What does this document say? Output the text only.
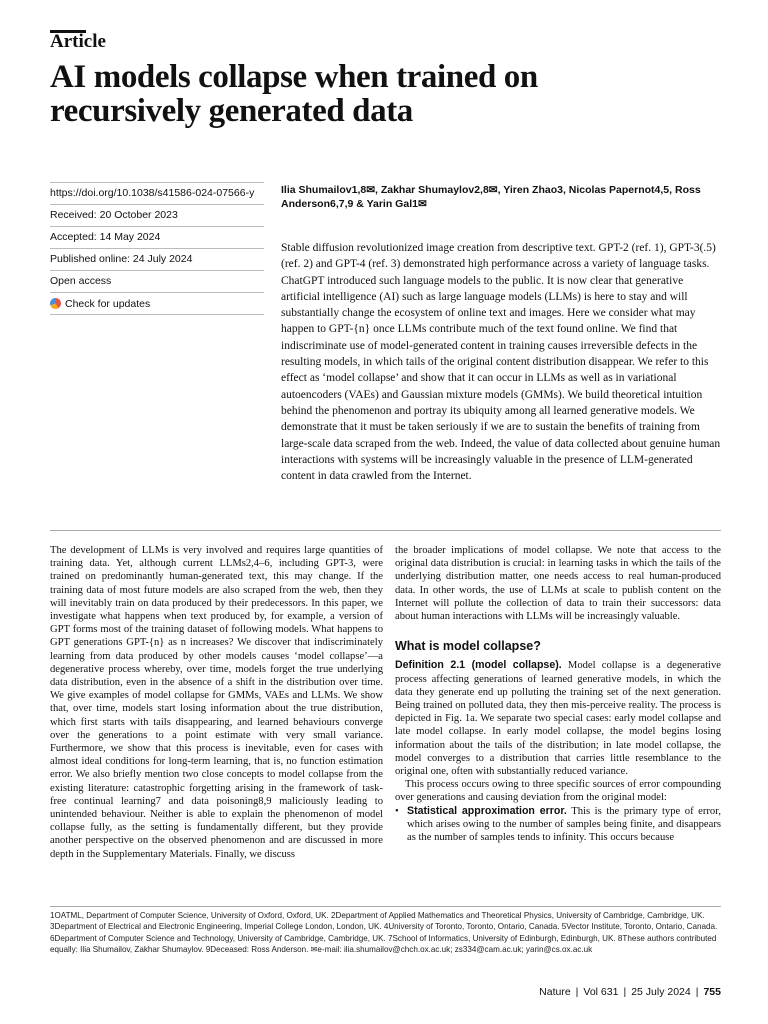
Article
AI models collapse when trained on recursively generated data
https://doi.org/10.1038/s41586-024-07566-y
Received: 20 October 2023
Accepted: 14 May 2024
Published online: 24 July 2024
Open access
Check for updates
Ilia Shumailov1,8✉, Zakhar Shumaylov2,8✉, Yiren Zhao3, Nicolas Papernot4,5, Ross Anderson6,7,9 & Yarin Gal1✉

Stable diffusion revolutionized image creation from descriptive text. GPT-2 (ref. 1), GPT-3(.5) (ref. 2) and GPT-4 (ref. 3) demonstrated high performance across a variety of language tasks. ChatGPT introduced such language models to the public. It is now clear that generative artificial intelligence (AI) such as large language models (LLMs) is here to stay and will substantially change the ecosystem of online text and images. Here we consider what may happen to GPT-{n} once LLMs contribute much of the text found online. We find that indiscriminate use of model-generated content in training causes irreversible defects in the resulting models, in which tails of the original content distribution disappear. We refer to this effect as ‘model collapse’ and show that it can occur in LLMs as well as in variational autoencoders (VAEs) and Gaussian mixture models (GMMs). We build theoretical intuition behind the phenomenon and portray its ubiquity among all learned generative models. We demonstrate that it must be taken seriously if we are to sustain the benefits of training from large-scale data scraped from the web. Indeed, the value of data collected about genuine human interactions with systems will be increasingly valuable in the presence of LLM-generated content in data crawled from the Internet.

The development of LLMs is very involved and requires large quantities of training data. Yet, although current LLMs2,4–6, including GPT-3, were trained on predominantly human-generated text, this may change. If the training data of most future models are also scraped from the web, then they will inevitably train on data produced by their predecessors. In this paper, we investigate what happens when text produced by, for example, a version of GPT forms most of the training dataset of following models. What happens to GPT generations GPT-{n} as n increases? We discover that indiscriminately learning from data produced by other models causes ‘model collapse’—a degenerative process whereby, over time, models forget the true underlying data distribution, even in the absence of a shift in the distribution over time. We give examples of model collapse for GMMs, VAEs and LLMs. We show that, over time, models start losing information about the true distribution, which first starts with tails disappearing, and learned behaviours converge over the generations to a point estimate with very small variance. Furthermore, we show that this process is inevitable, even for cases with almost ideal conditions for long-term learning, that is, no function estimation error. We also briefly mention two close concepts to model collapse from the existing literature: catastrophic forgetting arising in the framework of task-free continual learning7 and data poisoning8,9 maliciously leading to unintended behaviour. Neither is able to explain the phenomenon of model collapse fully, as the setting is fundamentally different, but they provide another perspective on the observed phenomenon and are discussed in more depth in the Supplementary Materials. Finally, we discuss

the broader implications of model collapse. We note that access to the original data distribution is crucial: in learning tasks in which the tails of the underlying distribution matter, one needs access to real human-produced data. In other words, the use of LLMs at scale to publish content on the Internet will pollute the collection of data to train their successors: data about human interactions with LLMs will be increasingly valuable.

What is model collapse?

Definition 2.1 (model collapse). Model collapse is a degenerative process affecting generations of learned generative models, in which the data they generate end up polluting the training set of the next generation. Being trained on polluted data, they then mis-perceive reality. The process is depicted in Fig. 1a. We separate two special cases: early model collapse and late model collapse. In early model collapse, the model begins losing information about the tails of the distribution; in late model collapse, the model converges to a distribution that carries little resemblance to the original one, often with substantially reduced variance.

This process occurs owing to three specific sources of error compounding over generations and causing deviation from the original model:

• Statistical approximation error. This is the primary type of error, which arises owing to the number of samples being finite, and disappears as the number of samples tends to infinity. This occurs because

1OATML, Department of Computer Science, University of Oxford, Oxford, UK. 2Department of Applied Mathematics and Theoretical Physics, University of Cambridge, Cambridge, UK. 3Department of Electrical and Electronic Engineering, Imperial College London, London, UK. 4University of Toronto, Toronto, Ontario, Canada. 5Vector Institute, Toronto, Ontario, Canada. 6Department of Computer Science and Technology, University of Cambridge, Cambridge, UK. 7School of Informatics, University of Edinburgh, Edinburgh, UK. 8These authors contributed equally: Ilia Shumailov, Zakhar Shumaylov. 9Deceased: Ross Anderson. ✉e-mail: ilia.shumailov@chch.ox.ac.uk; zs334@cam.ac.uk; yarin@cs.ox.ac.uk
Nature | Vol 631 | 25 July 2024 | 755
